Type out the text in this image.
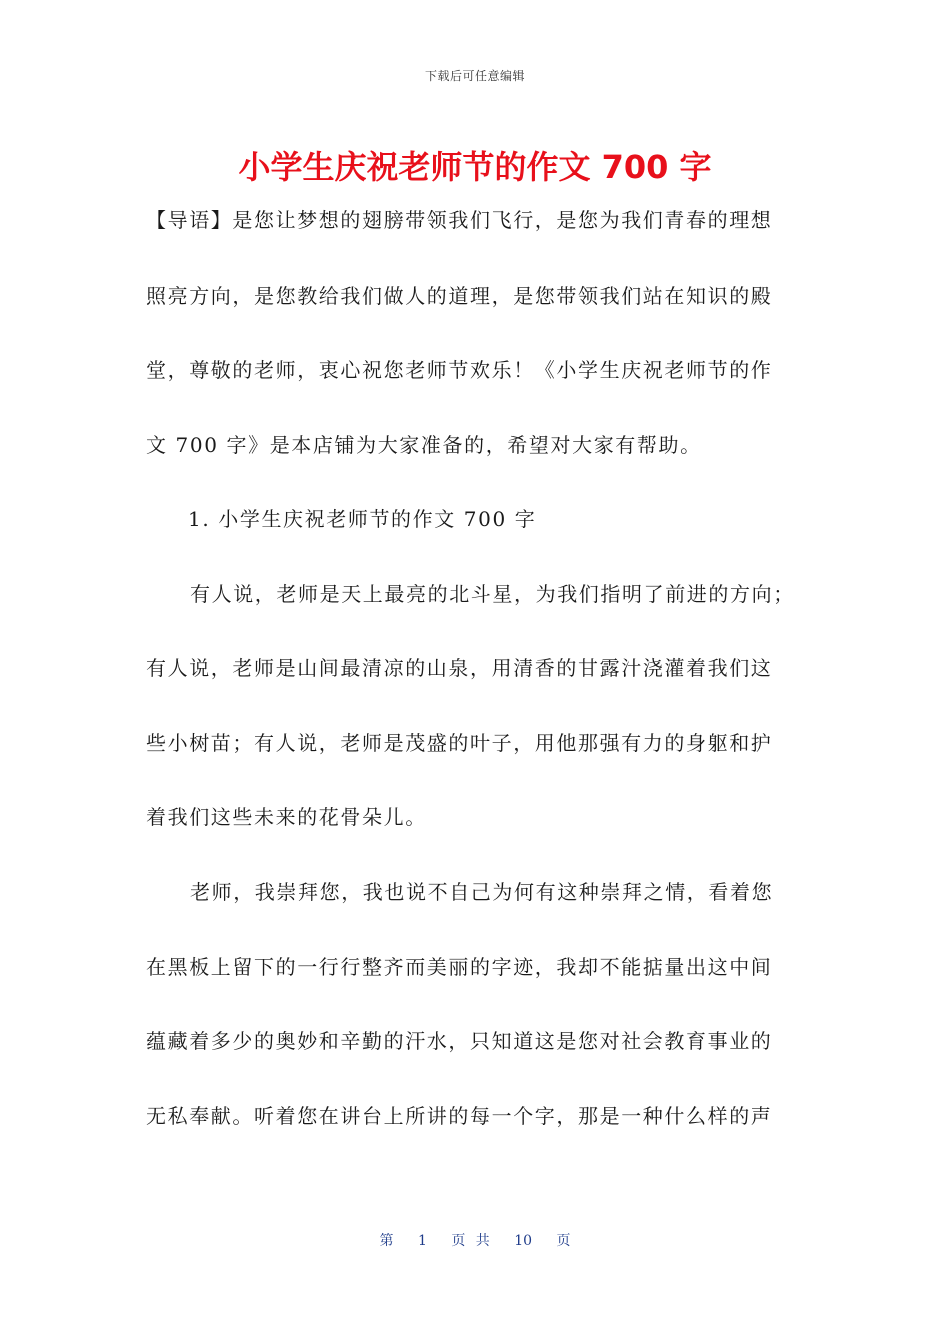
下载后可任意编辑
小学生庆祝老师节的作文 700 字
【导语】是您让梦想的翅膀带领我们飞行，是您为我们青春的理想
照亮方向，是您教给我们做人的道理，是您带领我们站在知识的殿
堂，尊敬的老师，衷心祝您老师节欢乐！《小学生庆祝老师节的作
文 700 字》是本店铺为大家准备的，希望对大家有帮助。
1. 小学生庆祝老师节的作文 700 字
有人说，老师是天上最亮的北斗星，为我们指明了前进的方向；
有人说，老师是山间最清凉的山泉，用清香的甘露汁浇灌着我们这
些小树苗；有人说，老师是茂盛的叶子，用他那强有力的身躯和护
着我们这些未来的花骨朵儿。
老师，我崇拜您，我也说不自己为何有这种崇拜之情，看着您
在黑板上留下的一行行整齐而美丽的字迹，我却不能掂量出这中间
蕴藏着多少的奥妙和辛勤的汗水，只知道这是您对社会教育事业的
无私奉献。听着您在讲台上所讲的每一个字，那是一种什么样的声
第 1 页 共 10 页
